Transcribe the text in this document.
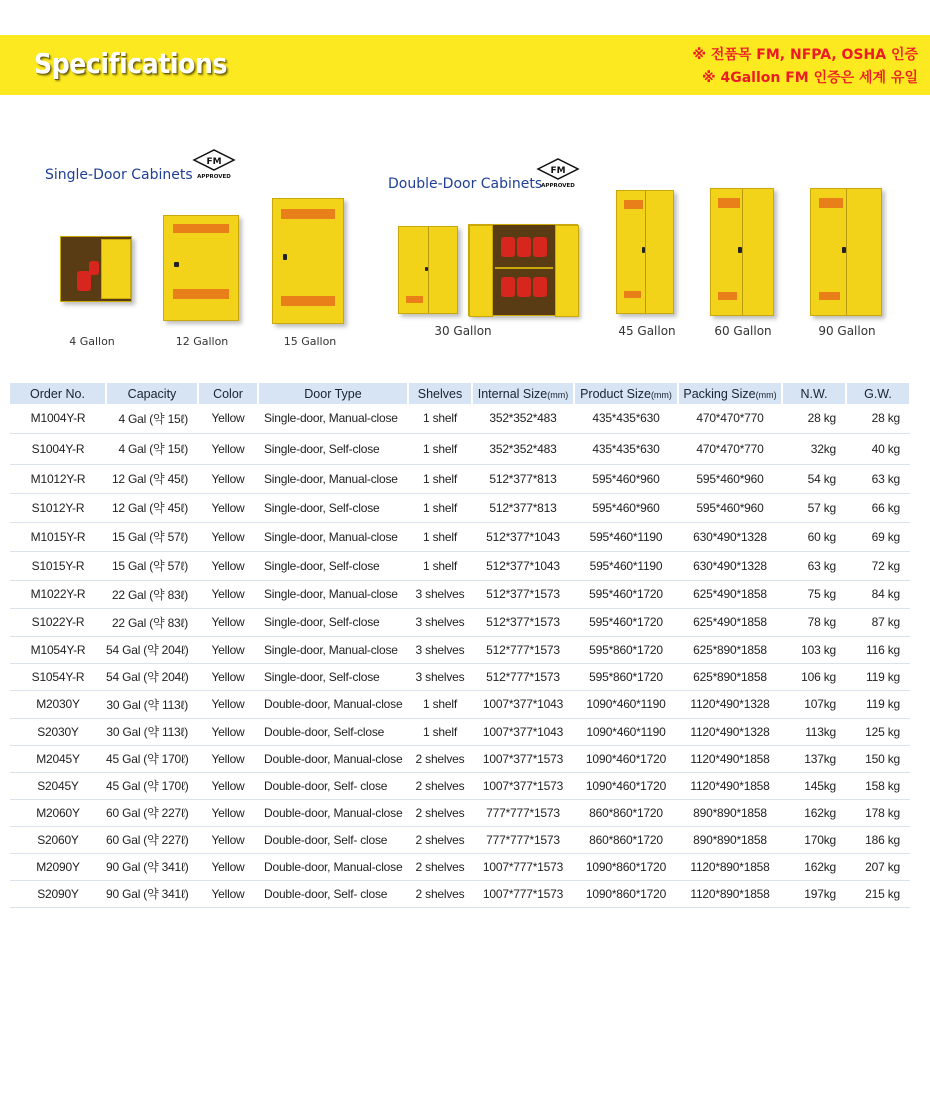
Specifications	※ 전품목 FM, NFPA, OSHA 인증
※ 4Gallon FM 인증은 세계 유일
Single-Door Cabinets
FM
APPROVED
4 Gallon	12 Gallon	15 Gallon
Double-Door Cabinets
FM
APPROVED
30 Gallon	45 Gallon	60 Gallon	90 Gallon
Order No.	Capacity	Color	Door Type	Shelves	Internal Size(mm)	Product Size(mm)	Packing Size(mm)	N.W.	G.W.
M1004Y-R	4 Gal (약 15ℓ)	Yellow	Single-door, Manual-close	1 shelf	352*352*483	435*435*630	470*470*770	28 kg	28 kg
S1004Y-R	4 Gal (약 15ℓ)	Yellow	Single-door, Self-close	1 shelf	352*352*483	435*435*630	470*470*770	32kg	40 kg
M1012Y-R	12 Gal (약 45ℓ)	Yellow	Single-door, Manual-close	1 shelf	512*377*813	595*460*960	595*460*960	54 kg	63 kg
S1012Y-R	12 Gal (약 45ℓ)	Yellow	Single-door, Self-close	1 shelf	512*377*813	595*460*960	595*460*960	57 kg	66 kg
M1015Y-R	15 Gal (약 57ℓ)	Yellow	Single-door, Manual-close	1 shelf	512*377*1043	595*460*1190	630*490*1328	60 kg	69 kg
S1015Y-R	15 Gal (약 57ℓ)	Yellow	Single-door, Self-close	1 shelf	512*377*1043	595*460*1190	630*490*1328	63 kg	72 kg
M1022Y-R	22 Gal (약 83ℓ)	Yellow	Single-door, Manual-close	3 shelves	512*377*1573	595*460*1720	625*490*1858	75 kg	84 kg
S1022Y-R	22 Gal (약 83ℓ)	Yellow	Single-door, Self-close	3 shelves	512*377*1573	595*460*1720	625*490*1858	78 kg	87 kg
M1054Y-R	54 Gal (약 204ℓ)	Yellow	Single-door, Manual-close	3 shelves	512*777*1573	595*860*1720	625*890*1858	103 kg	116 kg
S1054Y-R	54 Gal (약 204ℓ)	Yellow	Single-door, Self-close	3 shelves	512*777*1573	595*860*1720	625*890*1858	106 kg	119 kg
M2030Y	30 Gal (약 113ℓ)	Yellow	Double-door, Manual-close	1 shelf	1007*377*1043	1090*460*1190	1120*490*1328	107kg	119 kg
S2030Y	30 Gal (약 113ℓ)	Yellow	Double-door, Self-close	1 shelf	1007*377*1043	1090*460*1190	1120*490*1328	113kg	125 kg
M2045Y	45 Gal (약 170ℓ)	Yellow	Double-door, Manual-close	2 shelves	1007*377*1573	1090*460*1720	1120*490*1858	137kg	150 kg
S2045Y	45 Gal (약 170ℓ)	Yellow	Double-door, Self- close	2 shelves	1007*377*1573	1090*460*1720	1120*490*1858	145kg	158 kg
M2060Y	60 Gal (약 227ℓ)	Yellow	Double-door, Manual-close	2 shelves	777*777*1573	860*860*1720	890*890*1858	162kg	178 kg
S2060Y	60 Gal (약 227ℓ)	Yellow	Double-door, Self- close	2 shelves	777*777*1573	860*860*1720	890*890*1858	170kg	186 kg
M2090Y	90 Gal (약 341ℓ)	Yellow	Double-door, Manual-close	2 shelves	1007*777*1573	1090*860*1720	1120*890*1858	162kg	207 kg
S2090Y	90 Gal (약 341ℓ)	Yellow	Double-door, Self- close	2 shelves	1007*777*1573	1090*860*1720	1120*890*1858	197kg	215 kg
